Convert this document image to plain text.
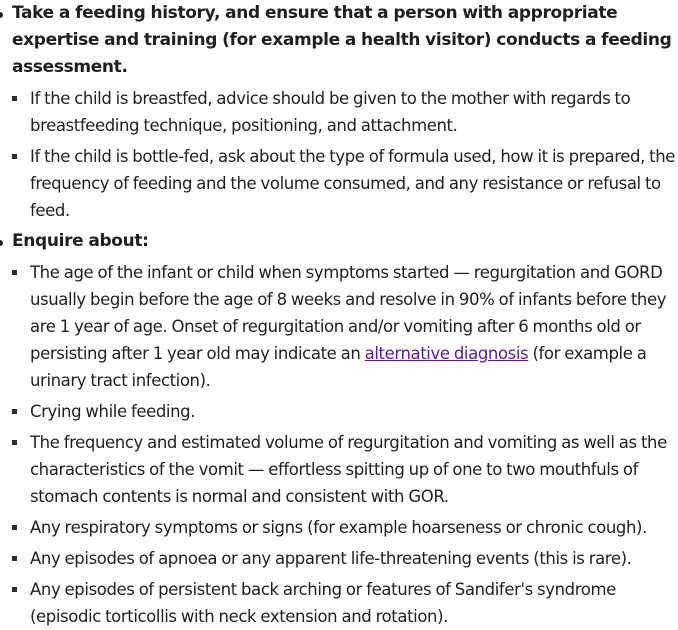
Take a feeding history, and ensure that a person with appropriate expertise and training (for example a health visitor) conducts a feeding assessment.
If the child is breastfed, advice should be given to the mother with regards to breastfeeding technique, positioning, and attachment.
If the child is bottle-fed, ask about the type of formula used, how it is prepared, the frequency of feeding and the volume consumed, and any resistance or refusal to feed.
Enquire about:
The age of the infant or child when symptoms started — regurgitation and GORD usually begin before the age of 8 weeks and resolve in 90% of infants before they are 1 year of age. Onset of regurgitation and/or vomiting after 6 months old or persisting after 1 year old may indicate an alternative diagnosis (for example a urinary tract infection).
Crying while feeding.
The frequency and estimated volume of regurgitation and vomiting as well as the characteristics of the vomit — effortless spitting up of one to two mouthfuls of stomach contents is normal and consistent with GOR.
Any respiratory symptoms or signs (for example hoarseness or chronic cough).
Any episodes of apnoea or any apparent life-threatening events (this is rare).
Any episodes of persistent back arching or features of Sandifer's syndrome (episodic torticollis with neck extension and rotation).
